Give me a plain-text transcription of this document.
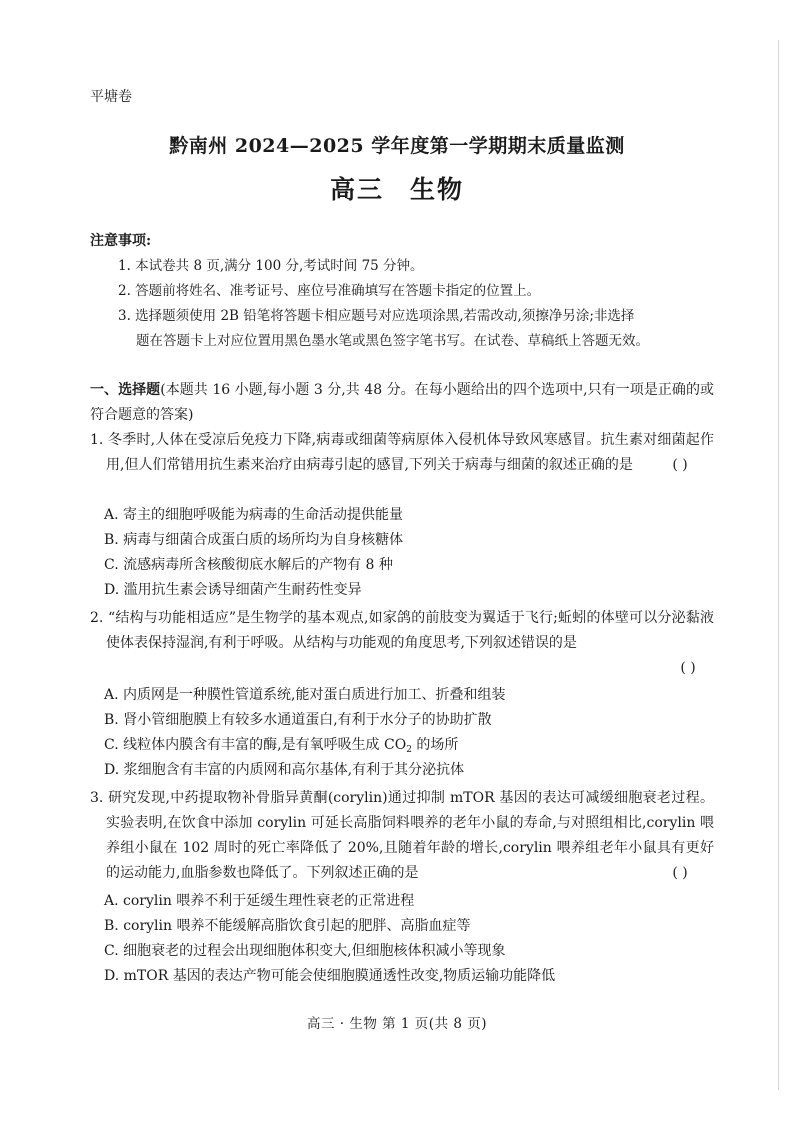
平塘卷
黔南州 2024—2025 学年度第一学期期末质量监测
高三 生物
注意事项:
1. 本试卷共 8 页,满分 100 分,考试时间 75 分钟。
2. 答题前将姓名、准考证号、座位号准确填写在答题卡指定的位置上。
3. 选择题须使用 2B 铅笔将答题卡相应题号对应选项涂黑,若需改动,须擦净另涂;非选择
题在答题卡上对应位置用黑色墨水笔或黑色签字笔书写。在试卷、草稿纸上答题无效。
一、选择题(本题共 16 小题,每小题 3 分,共 48 分。在每小题给出的四个选项中,只有一项是正确的或符合题意的答案)
1. 冬季时,人体在受凉后免疫力下降,病毒或细菌等病原体入侵机体导致风寒感冒。抗生素对细菌起作用,但人们常错用抗生素来治疗由病毒引起的感冒,下列关于病毒与细菌的叙述正确的是	( )
A. 寄主的细胞呼吸能为病毒的生命活动提供能量
B. 病毒与细菌合成蛋白质的场所均为自身核糖体
C. 流感病毒所含核酸彻底水解后的产物有 8 种
D. 滥用抗生素会诱导细菌产生耐药性变异
2. “结构与功能相适应”是生物学的基本观点,如家鸽的前肢变为翼适于飞行;蚯蚓的体壁可以分泌黏液使体表保持湿润,有利于呼吸。从结构与功能观的角度思考,下列叙述错误的是
( )
A. 内质网是一种膜性管道系统,能对蛋白质进行加工、折叠和组装
B. 肾小管细胞膜上有较多水通道蛋白,有利于水分子的协助扩散
C. 线粒体内膜含有丰富的酶,是有氧呼吸生成 $CO_2$ 的场所
D. 浆细胞含有丰富的内质网和高尔基体,有利于其分泌抗体
3. 研究发现,中药提取物补骨脂异黄酮(corylin)通过抑制 mTOR 基因的表达可减缓细胞衰老过程。实验表明,在饮食中添加 corylin 可延长高脂饲料喂养的老年小鼠的寿命,与对照组相比,corylin 喂养组小鼠在 102 周时的死亡率降低了 20%,且随着年龄的增长,corylin 喂养组老年小鼠具有更好的运动能力,血脂参数也降低了。下列叙述正确的是	( )
A. corylin 喂养不利于延缓生理性衰老的正常进程
B. corylin 喂养不能缓解高脂饮食引起的肥胖、高脂血症等
C. 细胞衰老的过程会出现细胞体积变大,但细胞核体积减小等现象
D. mTOR 基因的表达产物可能会使细胞膜通透性改变,物质运输功能降低
高三 · 生物 第 1 页(共 8 页)
